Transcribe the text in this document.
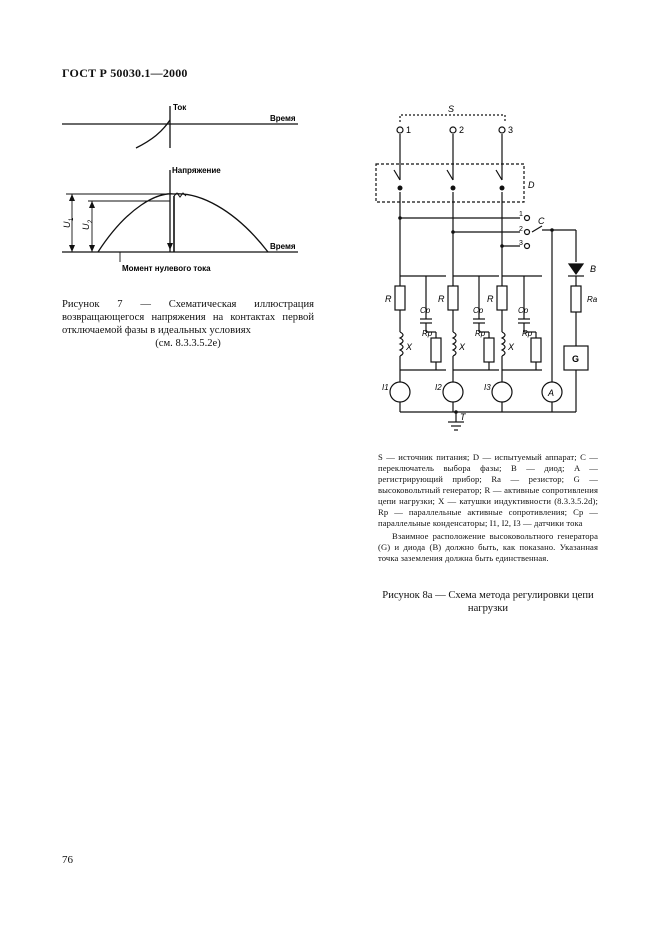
ГОСТ Р 50030.1—2000
Ток
Время
Напряжение
Время
U
1
U
2
Момент нулевого тока
Рисунок 7 — Схематическая иллюстрация возвращающегося напряжения на контактах первой отключаемой фазы в идеальных условиях
(см. 8.3.3.5.2е)
S
1	2	3
D
C
1
2
3
B
Ra
G
A
T
R	R	R
Cp	Cp	Cp
Rp	Rp	Rp
X	X	X
I1	I2	I3

S — источник питания; D — испытуемый аппарат; C — переключатель выбора фазы; B — диод; A — регистрирующий прибор; Ra — резистор; G — высоковольтный генератор; R — активные сопротивления цепи нагрузки; X — катушки индуктивности (8.3.3.5.2d); Rp — параллельные активные сопротивления; Cp — параллельные конденсаторы; I1, I2, I3 — датчики тока

Взаимное расположение высоковольтного генератора (G) и диода (B) должно быть, как показано. Указанная точка заземления должна быть единственная.

Рисунок 8а — Схема метода регулировки цепи нагрузки
76
